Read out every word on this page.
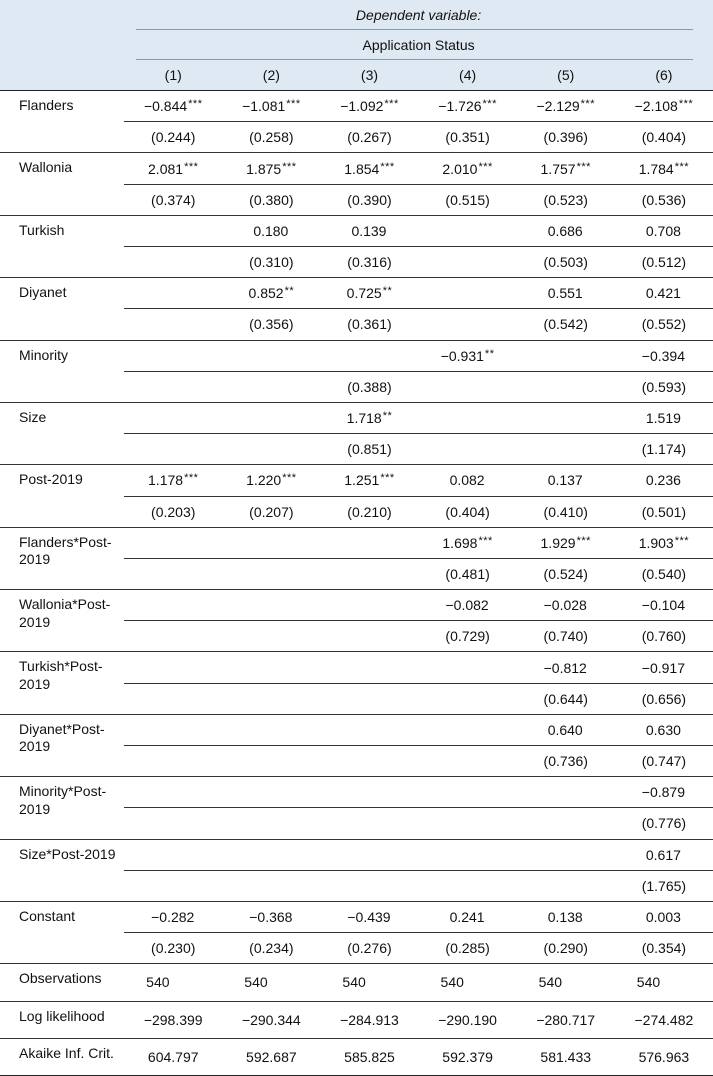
	Dependent variable:					
	Application Status					
	(1)	(2)	(3)	(4)	(5)	(6)
Flanders	−0.844***	−1.081***	−1.092***	−1.726***	−2.129***	−2.108***
	(0.244)	(0.258)	(0.267)	(0.351)	(0.396)	(0.404)
Wallonia	2.081***	1.875***	1.854***	2.010***	1.757***	1.784***
	(0.374)	(0.380)	(0.390)	(0.515)	(0.523)	(0.536)
Turkish		0.180	0.139		0.686	0.708
		(0.310)	(0.316)		(0.503)	(0.512)
Diyanet		0.852**	0.725**		0.551	0.421
		(0.356)	(0.361)		(0.542)	(0.552)
Minority				−0.931**		−0.394
			(0.388)			(0.593)
Size			1.718**			1.519
			(0.851)			(1.174)
Post-2019	1.178***	1.220***	1.251***	0.082	0.137	0.236
	(0.203)	(0.207)	(0.210)	(0.404)	(0.410)	(0.501)
Flanders*Post-2019				1.698***	1.929***	1.903***
				(0.481)	(0.524)	(0.540)
Wallonia*Post-2019				−0.082	−0.028	−0.104
				(0.729)	(0.740)	(0.760)
Turkish*Post-2019					−0.812	−0.917
					(0.644)	(0.656)
Diyanet*Post-2019					0.640	0.630
					(0.736)	(0.747)
Minority*Post-2019						−0.879
						(0.776)
Size*Post-2019						0.617
						(1.765)
Constant	−0.282	−0.368	−0.439	0.241	0.138	0.003
	(0.230)	(0.234)	(0.276)	(0.285)	(0.290)	(0.354)
Observations	540	540	540	540	540	540
Log likelihood	−298.399	−290.344	−284.913	−290.190	−280.717	−274.482
Akaike Inf. Crit.	604.797	592.687	585.825	592.379	581.433	576.963
